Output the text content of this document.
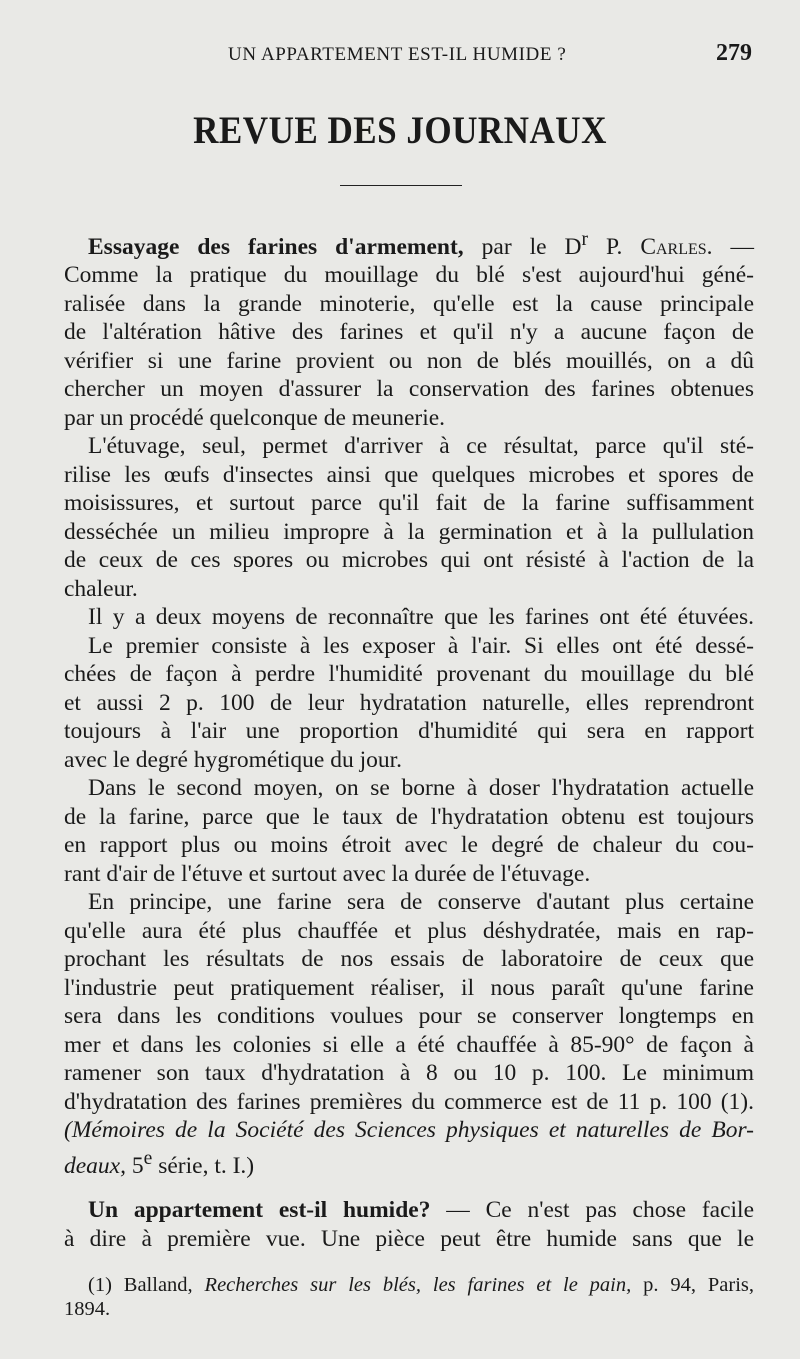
UN APPARTEMENT EST-IL HUMIDE ?	279
REVUE DES JOURNAUX
Essayage des farines d'armement, par le $D^r$ P. Carles. —
Comme la pratique du mouillage du blé s'est aujourd'hui géné-
ralisée dans la grande minoterie, qu'elle est la cause principale
de l'altération hâtive des farines et qu'il n'y a aucune façon de
vérifier si une farine provient ou non de blés mouillés, on a dû
chercher un moyen d'assurer la conservation des farines obtenues
par un procédé quelconque de meunerie.
L'étuvage, seul, permet d'arriver à ce résultat, parce qu'il sté-
rilise les œufs d'insectes ainsi que quelques microbes et spores de
moisissures, et surtout parce qu'il fait de la farine suffisamment
desséchée un milieu impropre à la germination et à la pullulation
de ceux de ces spores ou microbes qui ont résisté à l'action de la
chaleur.
Il y a deux moyens de reconnaître que les farines ont été étuvées.
Le premier consiste à les exposer à l'air. Si elles ont été dessé-
chées de façon à perdre l'humidité provenant du mouillage du blé
et aussi 2 p. 100 de leur hydratation naturelle, elles reprendront
toujours à l'air une proportion d'humidité qui sera en rapport
avec le degré hygrométique du jour.
Dans le second moyen, on se borne à doser l'hydratation actuelle
de la farine, parce que le taux de l'hydratation obtenu est toujours
en rapport plus ou moins étroit avec le degré de chaleur du cou-
rant d'air de l'étuve et surtout avec la durée de l'étuvage.
En principe, une farine sera de conserve d'autant plus certaine
qu'elle aura été plus chauffée et plus déshydratée, mais en rap-
prochant les résultats de nos essais de laboratoire de ceux que
l'industrie peut pratiquement réaliser, il nous paraît qu'une farine
sera dans les conditions voulues pour se conserver longtemps en
mer et dans les colonies si elle a été chauffée à 85-90° de façon à
ramener son taux d'hydratation à 8 ou 10 p. 100. Le minimum
d'hydratation des farines premières du commerce est de 11 p. 100 (1).
(Mémoires de la Société des Sciences physiques et naturelles de Bor-
deaux, 5e série, t. I.)
Un appartement est-il humide? — Ce n'est pas chose facile
à dire à première vue. Une pièce peut être humide sans que le
(1) Balland, Recherches sur les blés, les farines et le pain, p. 94, Paris,
1894.
